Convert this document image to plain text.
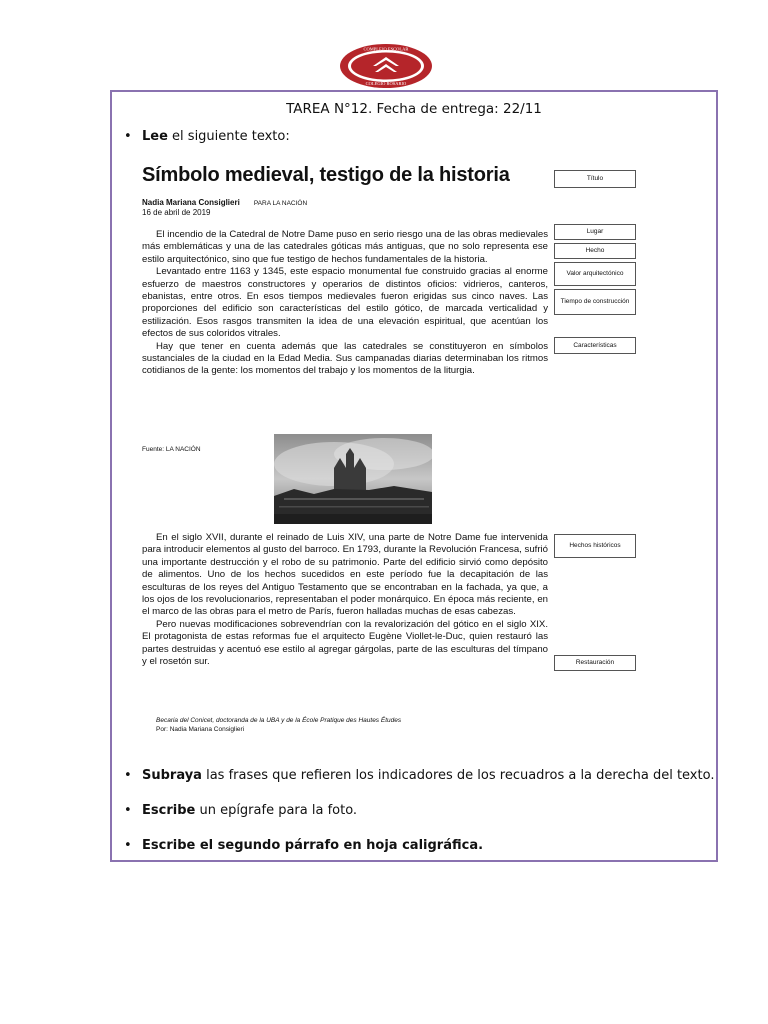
COMPLEJO ESCOLAR
COLEGIO ROSARIO
TAREA N°12. Fecha de entrega: 22/11
• Lee el siguiente texto:
Símbolo medieval, testigo de la historia
Nadia Mariana Consiglieri PARA LA NACIÓN
16 de abril de 2019

El incendio de la Catedral de Notre Dame puso en serio riesgo una de las obras medievales más emblemáticas y una de las catedrales góticas más antiguas, que no solo representa ese estilo arquitectónico, sino que fue testigo de hechos fundamentales de la historia.

Levantado entre 1163 y 1345, este espacio monumental fue construido gracias al enorme esfuerzo de maestros constructores y operarios de distintos oficios: vidrieros, canteros, ebanistas, entre otros. En esos tiempos medievales fueron erigidas sus cinco naves. Las proporciones del edificio son características del estilo gótico, de marcada verticalidad y estilización. Esos rasgos transmiten la idea de una elevación espiritual, que acentúan los efectos de sus coloridos vitrales.

Hay que tener en cuenta además que las catedrales se constituyeron en símbolos sustanciales de la ciudad en la Edad Media. Sus campanadas diarias determinaban los ritmos cotidianos de la gente: los momentos del trabajo y los momentos de la liturgia.

Fuente: LA NACIÓN

En el siglo XVII, durante el reinado de Luis XIV, una parte de Notre Dame fue intervenida para introducir elementos al gusto del barroco. En 1793, durante la Revolución Francesa, sufrió una importante destrucción y el robo de su patrimonio. Parte del edificio sirvió como depósito de alimentos. Uno de los hechos sucedidos en este período fue la decapitación de las esculturas de los reyes del Antiguo Testamento que se encontraban en la fachada, ya que, a los ojos de los revolucionarios, representaban el poder monárquico. En época más reciente, en el marco de las obras para el metro de París, fueron halladas muchas de esas cabezas.

Pero nuevas modificaciones sobrevendrían con la revalorización del gótico en el siglo XIX. El protagonista de estas reformas fue el arquitecto Eugène Viollet-le-Duc, quien restauró las partes destruidas y acentuó ese estilo al agregar gárgolas, parte de las esculturas del tímpano y el rosetón sur.

Becaria del Conicet, doctoranda de la UBA y de la École Pratique des Hautes Études
Por: Nadia Mariana Consiglieri
Título
Lugar
Hecho
Valor arquitectónico
Tiempo de construcción
Características
Hechos históricos
Restauración
• Subraya las frases que refieren los indicadores de los recuadros a la derecha del texto.
• Escribe un epígrafe para la foto.
• Escribe el segundo párrafo en hoja caligráfica.
